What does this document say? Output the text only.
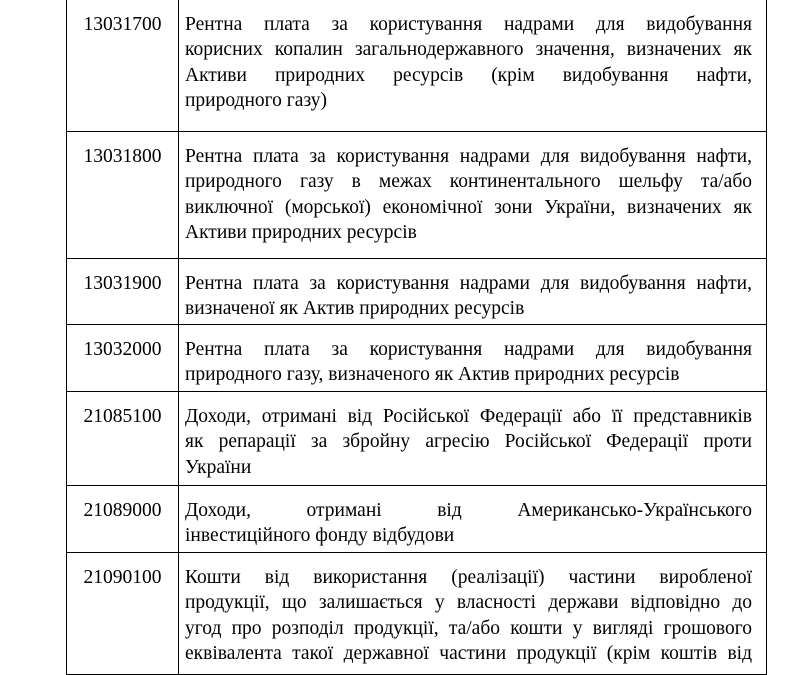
13031700	Рентна плата за користування надрами для видобування
корисних копалин загальнодержавного значення, визначених як
Активи природних ресурсів (крім видобування нафти,
природного газу)

13031800	Рентна плата за користування надрами для видобування нафти,
природного газу в межах континентального шельфу та/або
виключної (морської) економічної зони України, визначених як
Активи природних ресурсів

13031900	Рентна плата за користування надрами для видобування нафти,
визначеної як Актив природних ресурсів

13032000	Рентна плата за користування надрами для видобування
природного газу, визначеного як Актив природних ресурсів

21085100	Доходи, отримані від Російської Федерації або її представників
як репарації за збройну агресію Російської Федерації проти
України

21089000	Доходи, отримані від Американсько-Українського
інвестиційного фонду відбудови

21090100	Кошти від використання (реалізації) частини виробленої
продукції, що залишається у власності держави відповідно до
угод про розподіл продукції, та/або кошти у вигляді грошового
еквівалента такої державної частини продукції (крім коштів від
